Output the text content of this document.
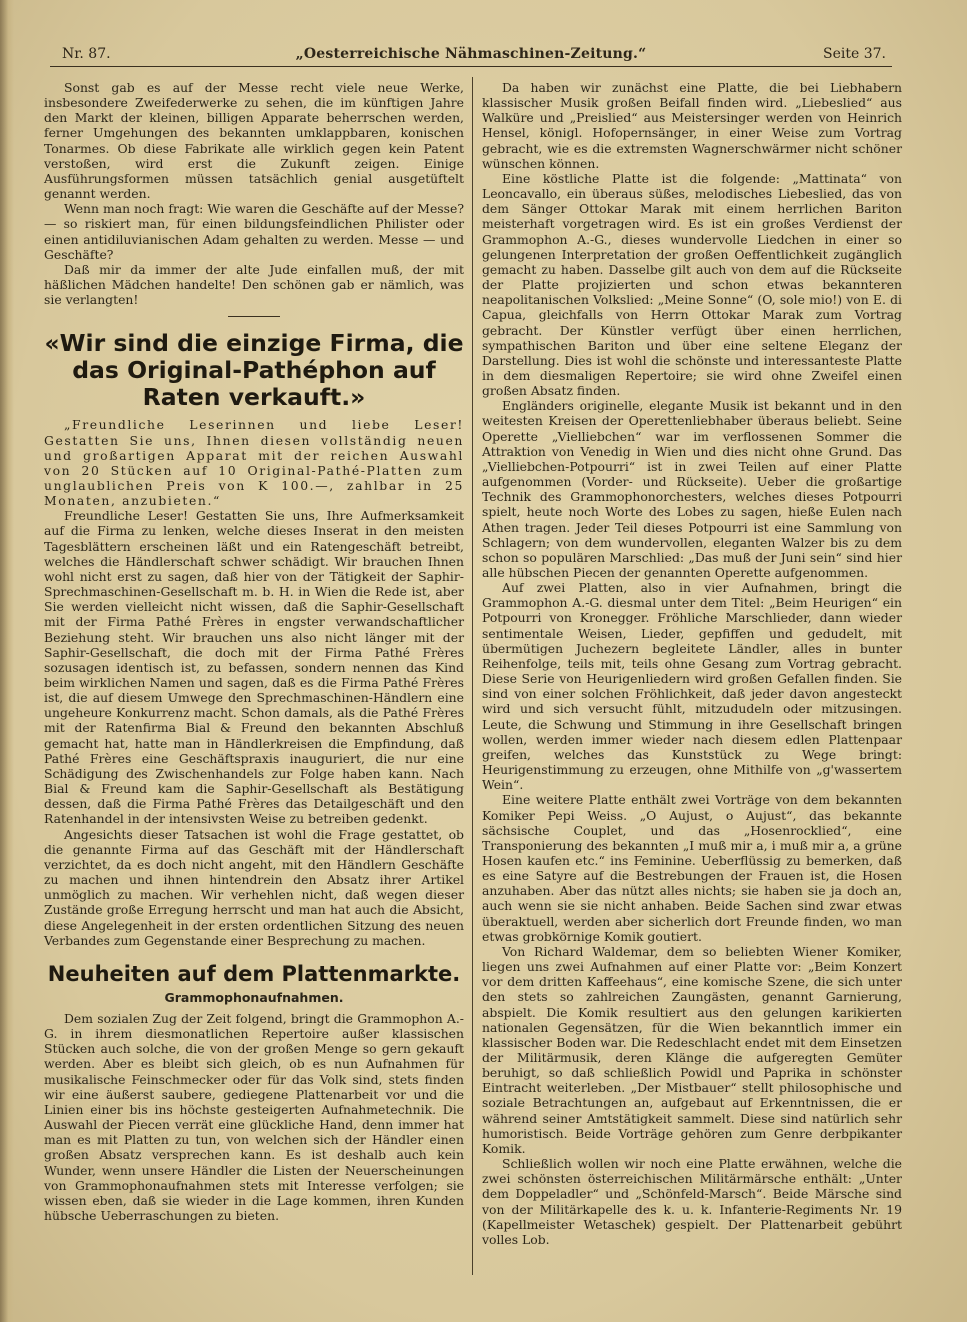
Nr. 87.	„Oesterreichische Nähmaschinen-Zeitung.“	Seite 37.

Sonst gab es auf der Messe recht viele neue Werke, insbesondere Zweifederwerke zu sehen, die im künftigen Jahre den Markt der kleinen, billigen Apparate beherrschen werden, ferner Umgehungen des bekannten umklappbaren, konischen Tonarmes. Ob diese Fabrikate alle wirklich gegen kein Patent verstoßen, wird erst die Zukunft zeigen. Einige Ausführungsformen müssen tatsächlich genial ausgetüftelt genannt werden.

Wenn man noch fragt: Wie waren die Geschäfte auf der Messe? — so riskiert man, für einen bildungsfeindlichen Philister oder einen antidiluvianischen Adam gehalten zu werden. Messe — und Geschäfte?

Daß mir da immer der alte Jude einfallen muß, der mit häßlichen Mädchen handelte! Den schönen gab er nämlich, was sie verlangten!

«Wir sind die einzige Firma, die das Original-Pathéphon auf Raten verkauft.»

„Freundliche Leserinnen und liebe Leser! Gestatten Sie uns, Ihnen diesen vollständig neuen und großartigen Apparat mit der reichen Auswahl von 20 Stücken auf 10 Original-Pathé-Platten zum unglaublichen Preis von K 100.—, zahlbar in 25 Monaten, anzubieten.“

Freundliche Leser! Gestatten Sie uns, Ihre Aufmerksamkeit auf die Firma zu lenken, welche dieses Inserat in den meisten Tagesblättern erscheinen läßt und ein Ratengeschäft betreibt, welches die Händlerschaft schwer schädigt. Wir brauchen Ihnen wohl nicht erst zu sagen, daß hier von der Tätigkeit der Saphir-Sprechmaschinen-Gesellschaft m. b. H. in Wien die Rede ist, aber Sie werden vielleicht nicht wissen, daß die Saphir-Gesellschaft mit der Firma Pathé Frères in engster verwandschaftlicher Beziehung steht. Wir brauchen uns also nicht länger mit der Saphir-Gesellschaft, die doch mit der Firma Pathé Frères sozusagen identisch ist, zu befassen, sondern nennen das Kind beim wirklichen Namen und sagen, daß es die Firma Pathé Frères ist, die auf diesem Umwege den Sprechmaschinen-Händlern eine ungeheure Konkurrenz macht. Schon damals, als die Pathé Frères mit der Ratenfirma Bial & Freund den bekannten Abschluß gemacht hat, hatte man in Händlerkreisen die Empfindung, daß Pathé Frères eine Geschäftspraxis inauguriert, die nur eine Schädigung des Zwischenhandels zur Folge haben kann. Nach Bial & Freund kam die Saphir-Gesellschaft als Bestätigung dessen, daß die Firma Pathé Frères das Detailgeschäft und den Ratenhandel in der intensivsten Weise zu betreiben gedenkt.

Angesichts dieser Tatsachen ist wohl die Frage gestattet, ob die genannte Firma auf das Geschäft mit der Händlerschaft verzichtet, da es doch nicht angeht, mit den Händlern Geschäfte zu machen und ihnen hintendrein den Absatz ihrer Artikel unmöglich zu machen. Wir verhehlen nicht, daß wegen dieser Zustände große Erregung herrscht und man hat auch die Absicht, diese Angelegenheit in der ersten ordentlichen Sitzung des neuen Verbandes zum Gegenstande einer Besprechung zu machen.

Neuheiten auf dem Plattenmarkte.
Grammophonaufnahmen.

Dem sozialen Zug der Zeit folgend, bringt die Grammophon A.-G. in ihrem diesmonatlichen Repertoire außer klassischen Stücken auch solche, die von der großen Menge so gern gekauft werden. Aber es bleibt sich gleich, ob es nun Aufnahmen für musikalische Feinschmecker oder für das Volk sind, stets finden wir eine äußerst saubere, gediegene Plattenarbeit vor und die Linien einer bis ins höchste gesteigerten Aufnahmetechnik. Die Auswahl der Piecen verrät eine glückliche Hand, denn immer hat man es mit Platten zu tun, von welchen sich der Händler einen großen Absatz versprechen kann. Es ist deshalb auch kein Wunder, wenn unsere Händler die Listen der Neuerscheinungen von Grammophonaufnahmen stets mit Interesse verfolgen; sie wissen eben, daß sie wieder in die Lage kommen, ihren Kunden hübsche Ueberraschungen zu bieten.

Da haben wir zunächst eine Platte, die bei Liebhabern klassischer Musik großen Beifall finden wird. „Liebeslied“ aus Walküre und „Preislied“ aus Meistersinger werden von Heinrich Hensel, königl. Hofopernsänger, in einer Weise zum Vortrag gebracht, wie es die extremsten Wagnerschwärmer nicht schöner wünschen können.

Eine köstliche Platte ist die folgende: „Mattinata“ von Leoncavallo, ein überaus süßes, melodisches Liebeslied, das von dem Sänger Ottokar Marak mit einem herrlichen Bariton meisterhaft vorgetragen wird. Es ist ein großes Verdienst der Grammophon A.-G., dieses wundervolle Liedchen in einer so gelungenen Interpretation der großen Oeffentlichkeit zugänglich gemacht zu haben. Dasselbe gilt auch von dem auf die Rückseite der Platte projizierten und schon etwas bekannteren neapolitanischen Volkslied: „Meine Sonne“ (O, sole mio!) von E. di Capua, gleichfalls von Herrn Ottokar Marak zum Vortrag gebracht. Der Künstler verfügt über einen herrlichen, sympathischen Bariton und über eine seltene Eleganz der Darstellung. Dies ist wohl die schönste und interessanteste Platte in dem diesmaligen Repertoire; sie wird ohne Zweifel einen großen Absatz finden.

Engländers originelle, elegante Musik ist bekannt und in den weitesten Kreisen der Operettenliebhaber überaus beliebt. Seine Operette „Vielliebchen“ war im verflossenen Sommer die Attraktion von Venedig in Wien und dies nicht ohne Grund. Das „Vielliebchen-Potpourri“ ist in zwei Teilen auf einer Platte aufgenommen (Vorder- und Rückseite). Ueber die großartige Technik des Grammophonorchesters, welches dieses Potpourri spielt, heute noch Worte des Lobes zu sagen, hieße Eulen nach Athen tragen. Jeder Teil dieses Potpourri ist eine Sammlung von Schlagern; von dem wundervollen, eleganten Walzer bis zu dem schon so populären Marschlied: „Das muß der Juni sein“ sind hier alle hübschen Piecen der genannten Operette aufgenommen.

Auf zwei Platten, also in vier Aufnahmen, bringt die Grammophon A.-G. diesmal unter dem Titel: „Beim Heurigen“ ein Potpourri von Kronegger. Fröhliche Marschlieder, dann wieder sentimentale Weisen, Lieder, gepfiffen und gedudelt, mit übermütigen Juchezern begleitete Ländler, alles in bunter Reihenfolge, teils mit, teils ohne Gesang zum Vortrag gebracht. Diese Serie von Heurigenliedern wird großen Gefallen finden. Sie sind von einer solchen Fröhlichkeit, daß jeder davon angesteckt wird und sich versucht fühlt, mitzududeln oder mitzusingen. Leute, die Schwung und Stimmung in ihre Gesellschaft bringen wollen, werden immer wieder nach diesem edlen Plattenpaar greifen, welches das Kunststück zu Wege bringt: Heurigenstimmung zu erzeugen, ohne Mithilfe von „g'wassertem Wein“.

Eine weitere Platte enthält zwei Vorträge von dem bekannten Komiker Pepi Weiss. „O Aujust, o Aujust“, das bekannte sächsische Couplet, und das „Hosenrocklied“, eine Transponierung des bekannten „I muß mir a, i muß mir a, a grüne Hosen kaufen etc.“ ins Feminine. Ueberflüssig zu bemerken, daß es eine Satyre auf die Bestrebungen der Frauen ist, die Hosen anzuhaben. Aber das nützt alles nichts; sie haben sie ja doch an, auch wenn sie sie nicht anhaben. Beide Sachen sind zwar etwas überaktuell, werden aber sicherlich dort Freunde finden, wo man etwas grobkörnige Komik goutiert.

Von Richard Waldemar, dem so beliebten Wiener Komiker, liegen uns zwei Aufnahmen auf einer Platte vor: „Beim Konzert vor dem dritten Kaffeehaus“, eine komische Szene, die sich unter den stets so zahlreichen Zaungästen, genannt Garnierung, abspielt. Die Komik resultiert aus den gelungen karikierten nationalen Gegensätzen, für die Wien bekanntlich immer ein klassischer Boden war. Die Redeschlacht endet mit dem Einsetzen der Militärmusik, deren Klänge die aufgeregten Gemüter beruhigt, so daß schließlich Powidl und Paprika in schönster Eintracht weiterleben. „Der Mistbauer“ stellt philosophische und soziale Betrachtungen an, aufgebaut auf Erkenntnissen, die er während seiner Amtstätigkeit sammelt. Diese sind natürlich sehr humoristisch. Beide Vorträge gehören zum Genre derbpikanter Komik.

Schließlich wollen wir noch eine Platte erwähnen, welche die zwei schönsten österreichischen Militärmärsche enthält: „Unter dem Doppeladler“ und „Schönfeld-Marsch“. Beide Märsche sind von der Militärkapelle des k. u. k. Infanterie-Regiments Nr. 19 (Kapellmeister Wetaschek) gespielt. Der Plattenarbeit gebührt volles Lob.
